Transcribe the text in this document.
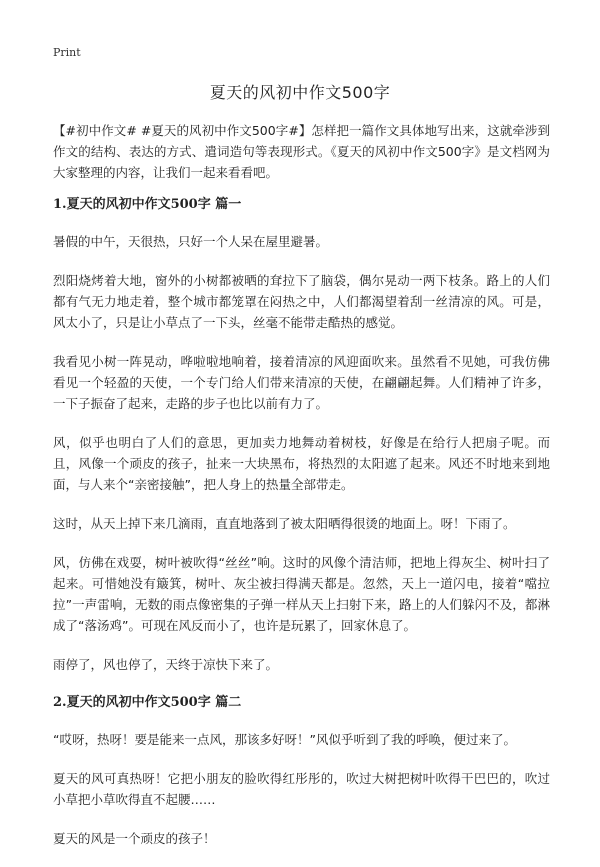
Print
夏天的风初中作文500字

【#初中作文# #夏天的风初中作文500字#】怎样把一篇作文具体地写出来，这就牵涉到作文的结构、表达的方式、遣词造句等表现形式。《夏天的风初中作文500字》是文档网为大家整理的内容，让我们一起来看看吧。

1.夏天的风初中作文500字 篇一

暑假的中午，天很热，只好一个人呆在屋里避暑。

烈阳烧烤着大地，窗外的小树都被晒的耷拉下了脑袋，偶尔晃动一两下枝条。路上的人们都有气无力地走着，整个城市都笼罩在闷热之中，人们都渴望着刮一丝清凉的风。可是，风太小了，只是让小草点了一下头，丝毫不能带走酷热的感觉。

我看见小树一阵晃动，哗啦啦地响着，接着清凉的风迎面吹来。虽然看不见她，可我仿佛看见一个轻盈的天使，一个专门给人们带来清凉的天使，在翩翩起舞。人们精神了许多，一下子振奋了起来，走路的步子也比以前有力了。

风，似乎也明白了人们的意思，更加卖力地舞动着树枝，好像是在给行人把扇子呢。而且，风像一个顽皮的孩子，扯来一大块黑布，将热烈的太阳遮了起来。风还不时地来到地面，与人来个“亲密接触”，把人身上的热量全部带走。

这时，从天上掉下来几滴雨，直直地落到了被太阳晒得很烫的地面上。呀！下雨了。

风，仿佛在戏耍，树叶被吹得“丝丝”响。这时的风像个清洁师，把地上得灰尘、树叶扫了起来。可惜她没有簸箕，树叶、灰尘被扫得满天都是。忽然，天上一道闪电，接着“噹拉拉”一声雷响，无数的雨点像密集的子弹一样从天上扫射下来，路上的人们躲闪不及，都淋成了“落汤鸡”。可现在风反而小了，也许是玩累了，回家休息了。

雨停了，风也停了，天终于凉快下来了。

2.夏天的风初中作文500字 篇二

“哎呀，热呀！要是能来一点风，那该多好呀！”风似乎听到了我的呼唤，便过来了。

夏天的风可真热呀！它把小朋友的脸吹得红彤彤的，吹过大树把树叶吹得干巴巴的，吹过小草把小草吹得直不起腰……

夏天的风是一个顽皮的孩子！
